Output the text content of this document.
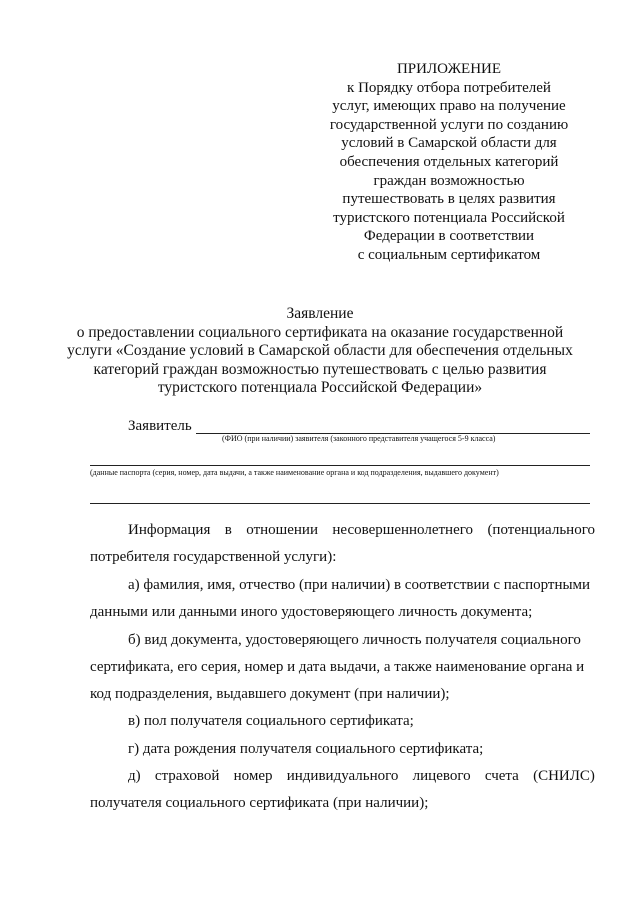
ПРИЛОЖЕНИЕ
к Порядку отбора потребителей
услуг, имеющих право на получение
государственной услуги по созданию
условий в Самарской области для
обеспечения отдельных категорий
граждан возможностью
путешествовать в целях развития
туристского потенциала Российской
Федерации в соответствии
с социальным сертификатом
Заявление
о предоставлении социального сертификата на оказание государственной
услуги «Создание условий в Самарской области для обеспечения отдельных
категорий граждан возможностью путешествовать с целью развития
туристского потенциала Российской Федерации»
Заявитель
(ФИО (при наличии) заявителя (законного представителя учащегося 5-9 класса)
(данные паспорта (серия, номер, дата выдачи, а также наименование органа и код подразделения, выдавшего документ)
Информация в отношении несовершеннолетнего (потенциального
потребителя государственной услуги):
а) фамилия, имя, отчество (при наличии) в соответствии с паспортными
данными или данными иного удостоверяющего личность документа;
б) вид документа, удостоверяющего личность получателя социального
сертификата, его серия, номер и дата выдачи, а также наименование органа и
код подразделения, выдавшего документ (при наличии);
в) пол получателя социального сертификата;
г) дата рождения получателя социального сертификата;
д) страховой номер индивидуального лицевого счета (СНИЛС)
получателя социального сертификата (при наличии);
